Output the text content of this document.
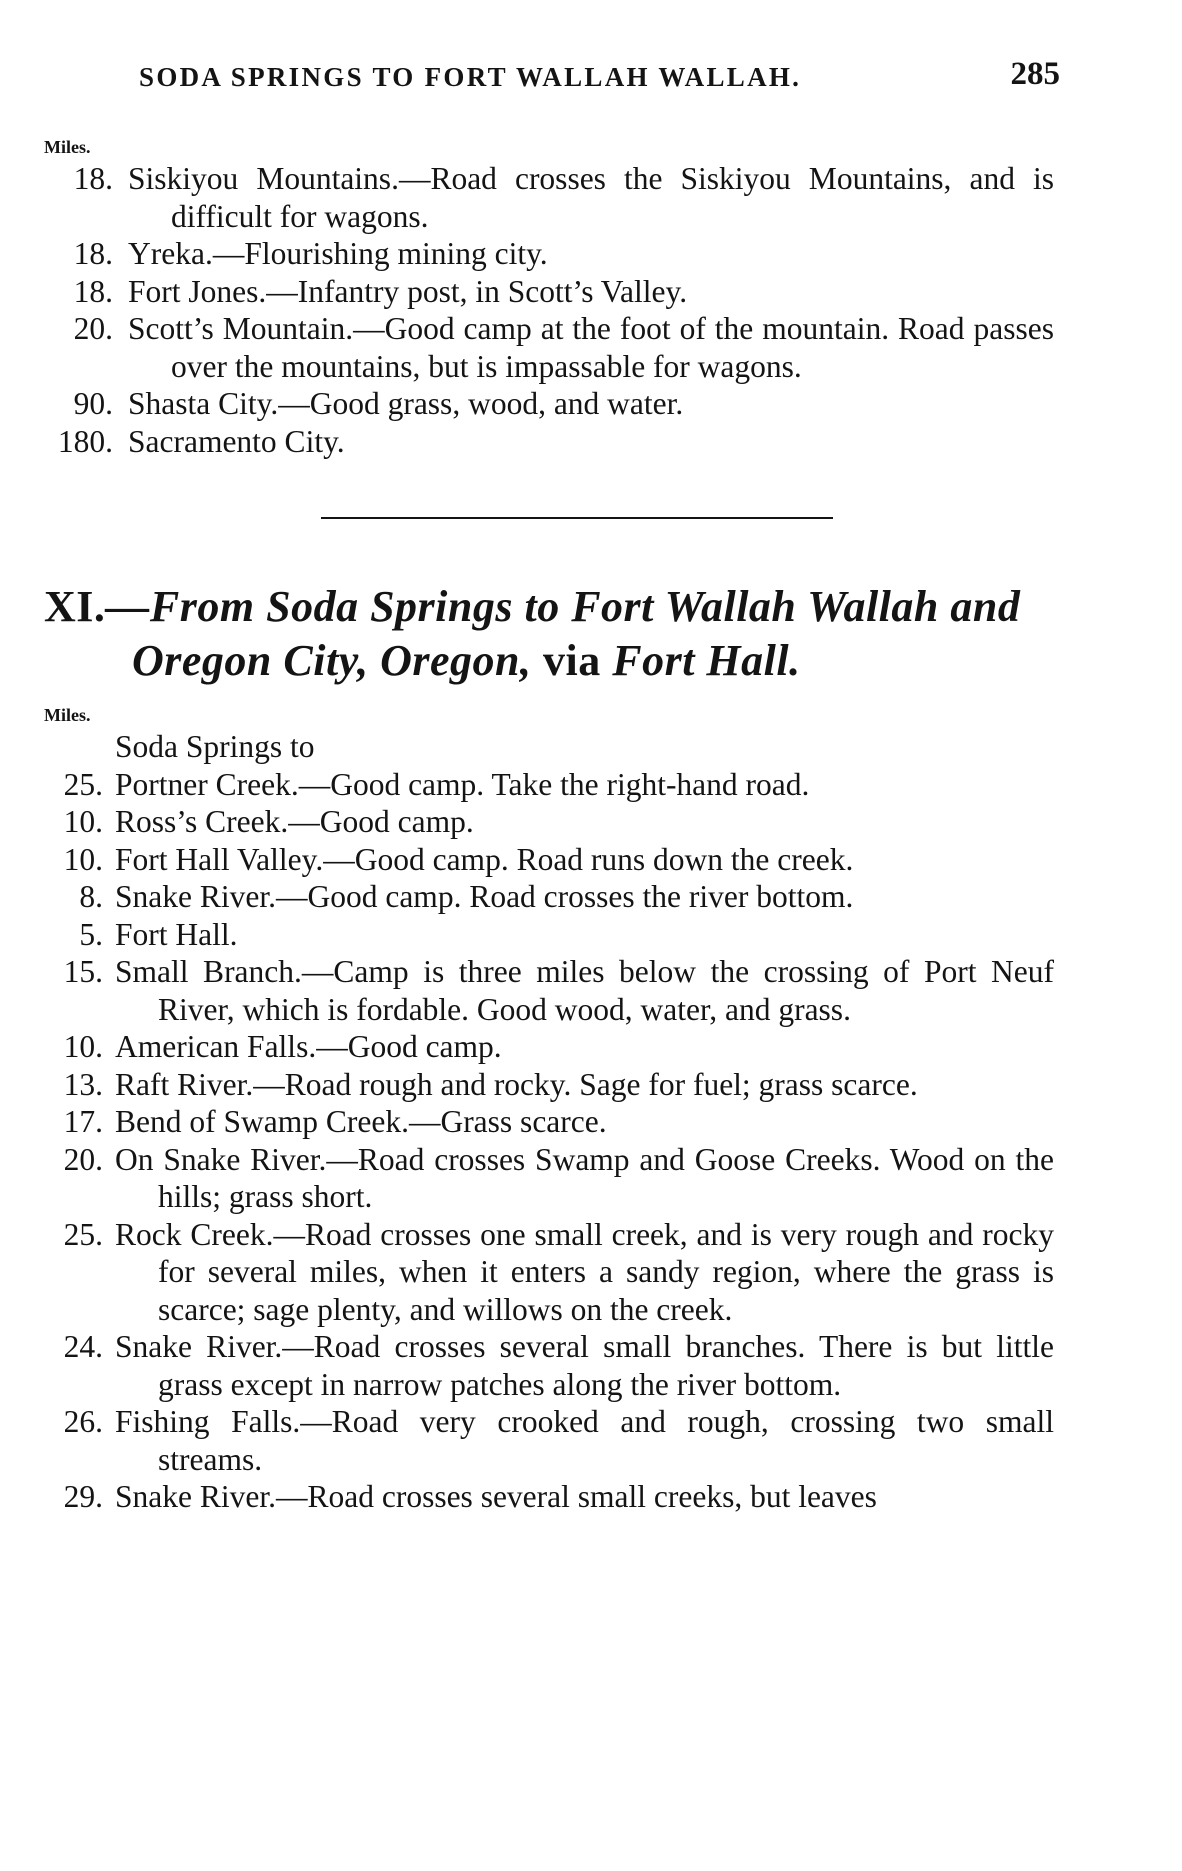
SODA SPRINGS TO FORT WALLAH WALLAH.	285
Miles.
18. Siskiyou Mountains.—Road crosses the Siskiyou Mountains, and is difficult for wagons.
18. Yreka.—Flourishing mining city.
18. Fort Jones.—Infantry post, in Scott’s Valley.
20. Scott’s Mountain.—Good camp at the foot of the mountain. Road passes over the mountains, but is impassable for wagons.
90. Shasta City.—Good grass, wood, and water.
180. Sacramento City.
XI.—From Soda Springs to Fort Wallah Wallah and Oregon City, Oregon, via Fort Hall.
Miles.
Soda Springs to
25. Portner Creek.—Good camp. Take the right-hand road.
10. Ross’s Creek.—Good camp.
10. Fort Hall Valley.—Good camp. Road runs down the creek.
8. Snake River.—Good camp. Road crosses the river bottom.
5. Fort Hall.
15. Small Branch.—Camp is three miles below the crossing of Port Neuf River, which is fordable. Good wood, water, and grass.
10. American Falls.—Good camp.
13. Raft River.—Road rough and rocky. Sage for fuel; grass scarce.
17. Bend of Swamp Creek.—Grass scarce.
20. On Snake River.—Road crosses Swamp and Goose Creeks. Wood on the hills; grass short.
25. Rock Creek.—Road crosses one small creek, and is very rough and rocky for several miles, when it enters a sandy region, where the grass is scarce; sage plenty, and willows on the creek.
24. Snake River.—Road crosses several small branches. There is but little grass except in narrow patches along the river bottom.
26. Fishing Falls.—Road very crooked and rough, crossing two small streams.
29. Snake River.—Road crosses several small creeks, but leaves
